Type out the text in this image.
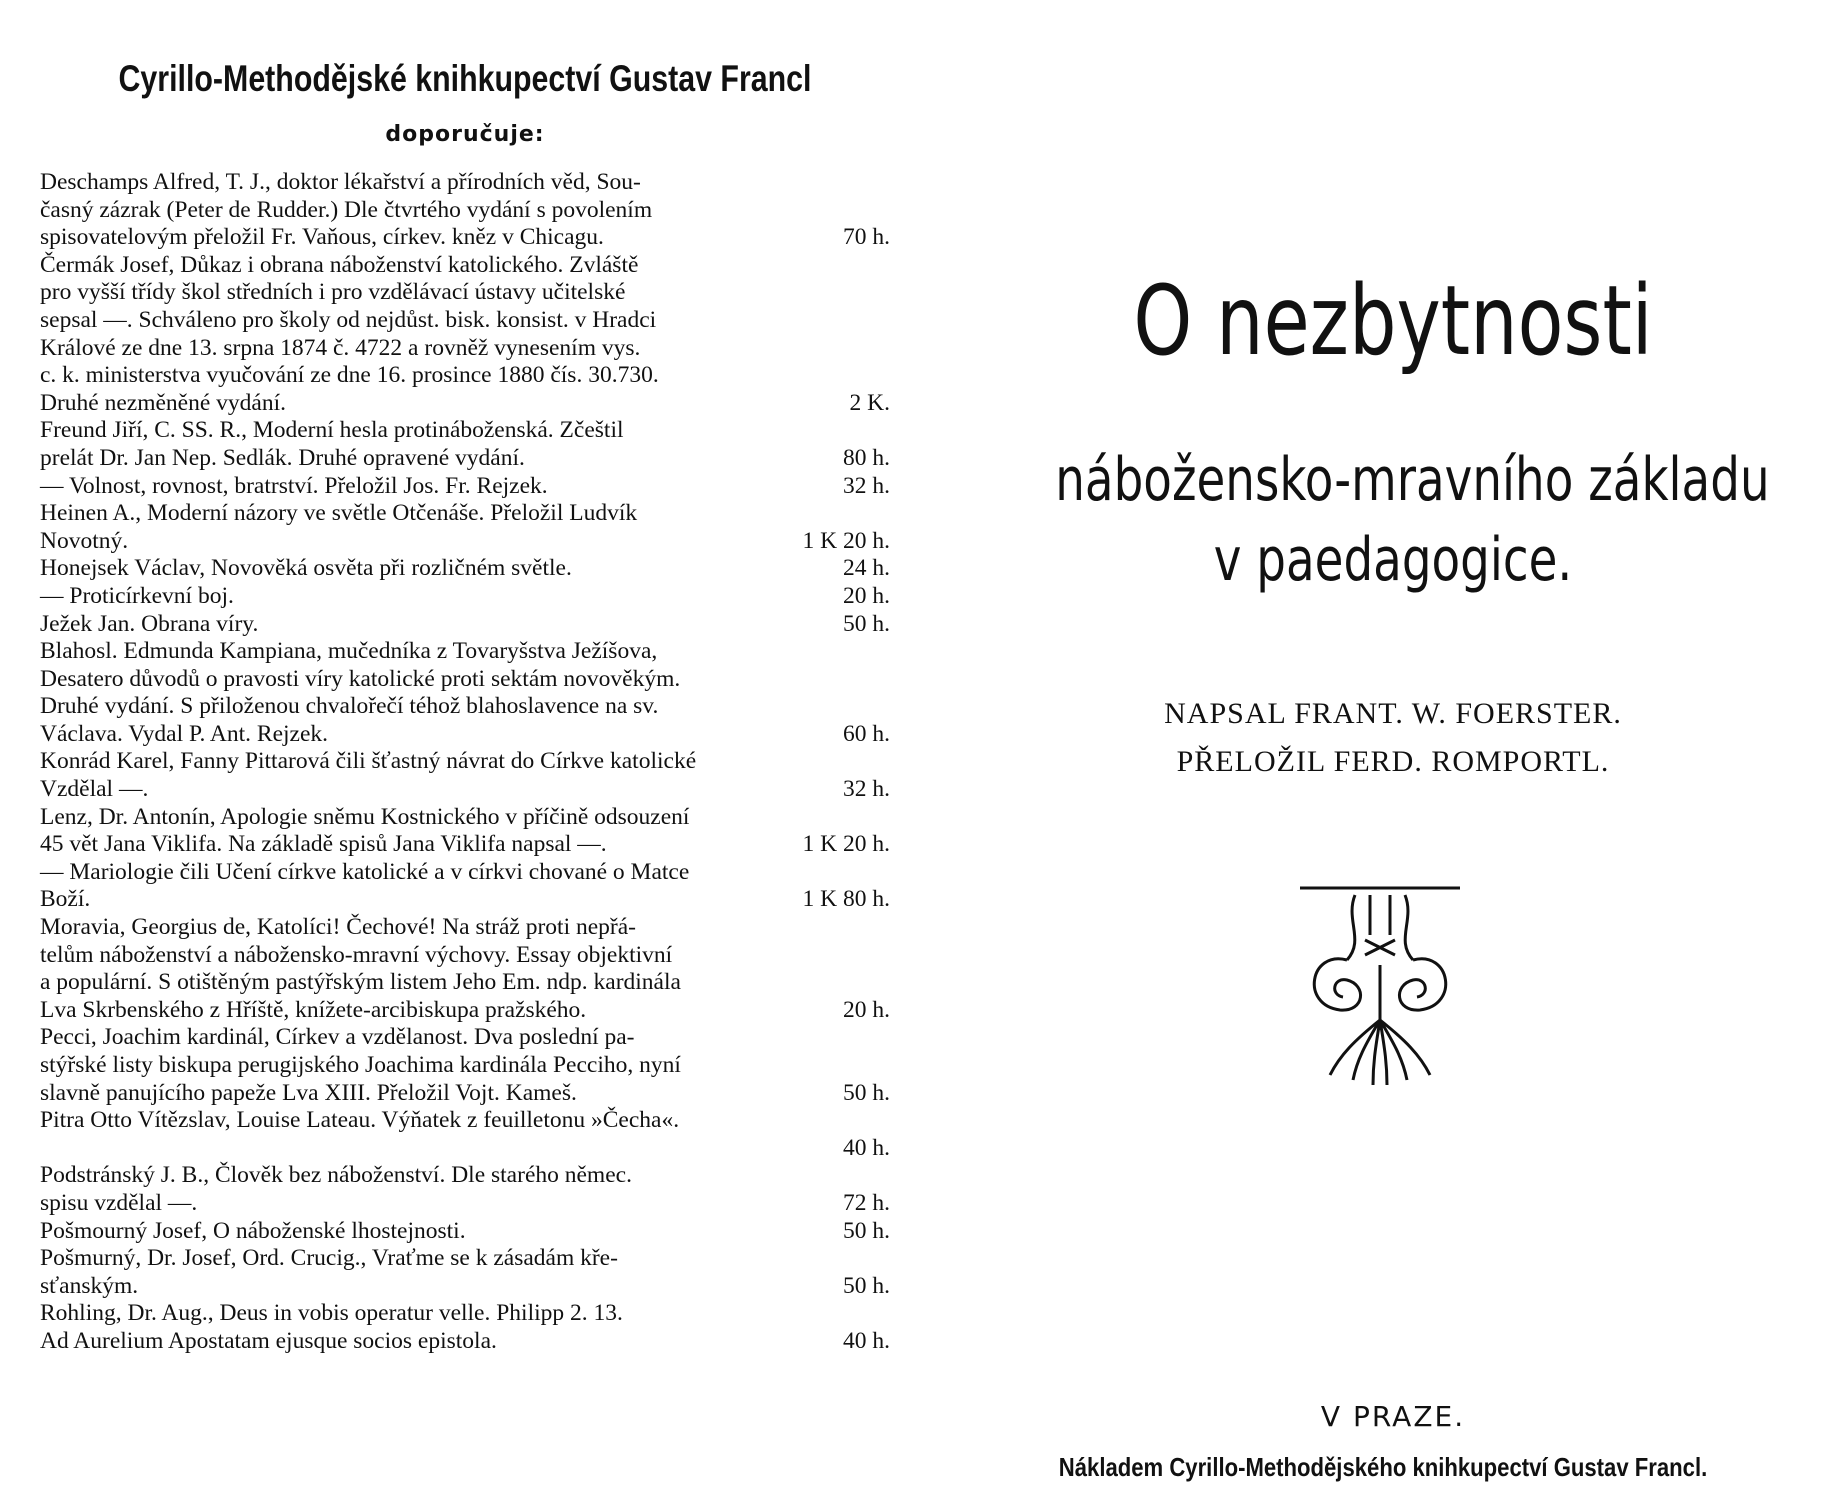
Cyrillo-Methodějské knihkupectví Gustav Francl
doporučuje:
Deschamps Alfred, T. J., doktor lékařství a přírodních věd, Sou-
časný zázrak (Peter de Rudder.) Dle čtvrtého vydání s povolením
spisovatelovým přeložil Fr. Vaňous, církev. kněz v Chicagu.	70 h.
Čermák Josef, Důkaz i obrana náboženství katolického. Zvláště
pro vyšší třídy škol středních i pro vzdělávací ústavy učitelské
sepsal —. Schváleno pro školy od nejdůst. bisk. konsist. v Hradci
Králové ze dne 13. srpna 1874 č. 4722 a rovněž vynesením vys.
c. k. ministerstva vyučování ze dne 16. prosince 1880 čís. 30.730.
Druhé nezměněné vydání.	2 K.
Freund Jiří, C. SS. R., Moderní hesla protináboženská. Zčeštil
prelát Dr. Jan Nep. Sedlák. Druhé opravené vydání.	80 h.
— Volnost, rovnost, bratrství. Přeložil Jos. Fr. Rejzek.	32 h.
Heinen A., Moderní názory ve světle Otčenáše. Přeložil Ludvík
Novotný.	1 K 20 h.
Honejsek Václav, Novověká osvěta při rozličném světle.	24 h.
— Proticírkevní boj.	20 h.
Ježek Jan. Obrana víry.	50 h.
Blahosl. Edmunda Kampiana, mučedníka z Tovaryšstva Ježíšova,
Desatero důvodů o pravosti víry katolické proti sektám novověkým.
Druhé vydání. S přiloženou chvalořečí téhož blahoslavence na sv.
Václava. Vydal P. Ant. Rejzek.	60 h.
Konrád Karel, Fanny Pittarová čili šťastný návrat do Církve katolické
Vzdělal —.	32 h.
Lenz, Dr. Antonín, Apologie sněmu Kostnického v příčině odsouzení
45 vět Jana Viklifa. Na základě spisů Jana Viklifa napsal —.	1 K 20 h.
— Mariologie čili Učení církve katolické a v církvi chované o Matce
Boží.	1 K 80 h.
Moravia, Georgius de, Katolíci! Čechové! Na stráž proti nepřá-
telům náboženství a nábožensko-mravní výchovy. Essay objektivní
a populární. S otištěným pastýřským listem Jeho Em. ndp. kardinála
Lva Skrbenského z Hříště, knížete-arcibiskupa pražského.	20 h.
Pecci, Joachim kardinál, Církev a vzdělanost. Dva poslední pa-
stýřské listy biskupa perugijského Joachima kardinála Pecciho, nyní
slavně panujícího papeže Lva XIII. Přeložil Vojt. Kameš.	50 h.
Pitra Otto Vítězslav, Louise Lateau. Výňatek z feuilletonu »Čecha«.
40 h.
Podstránský J. B., Člověk bez náboženství. Dle starého němec.
spisu vzdělal —.	72 h.
Pošmourný Josef, O náboženské lhostejnosti.	50 h.
Pošmurný, Dr. Josef, Ord. Crucig., Vraťme se k zásadám kře-
sťanským.	50 h.
Rohling, Dr. Aug., Deus in vobis operatur velle. Philipp 2. 13.
Ad Aurelium Apostatam ejusque socios epistola.	40 h.
O nezbytnosti
nábožensko-mravního základu
v paedagogice.
NAPSAL FRANT. W. FOERSTER.
PŘELOŽIL FERD. ROMPORTL.
V PRAZE.
Nákladem Cyrillo-Methodějského knihkupectví Gustav Francl.
